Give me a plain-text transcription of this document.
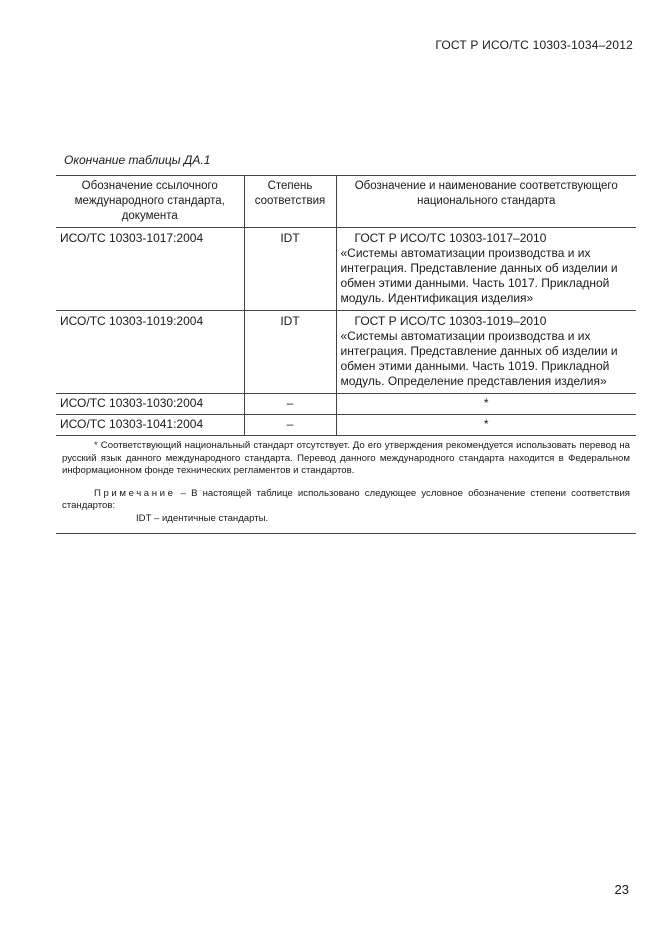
ГОСТ Р ИСО/ТС 10303-1034–2012
Окончание таблицы ДА.1
Обозначение ссылочного международного стандарта, документа	Степень соответствия	Обозначение и наименование соответствующего национального стандарта
ИСО/ТС 10303-1017:2004	IDT	ГОСТ Р ИСО/ТС 10303-1017–2010
«Системы автоматизации производства и их интеграция. Представление данных об изделии и обмен этими данными. Часть 1017. Прикладной модуль. Идентификация изделия»
ИСО/ТС 10303-1019:2004	IDT	ГОСТ Р ИСО/ТС 10303-1019–2010
«Системы автоматизации производства и их интеграция. Представление данных об изделии и обмен этими данными. Часть 1019. Прикладной модуль. Определение представления изделия»
ИСО/ТС 10303-1030:2004	–	*
ИСО/ТС 10303-1041:2004	–	*

* Соответствующий национальный стандарт отсутствует. До его утверждения рекомендуется использовать перевод на русский язык данного международного стандарта. Перевод данного международного стандарта находится в Федеральном информационном фонде технических регламентов и стандартов.

Примечание – В настоящей таблице использовано следующее условное обозначение степени соответствия стандартов:

IDT – идентичные стандарты.

23
